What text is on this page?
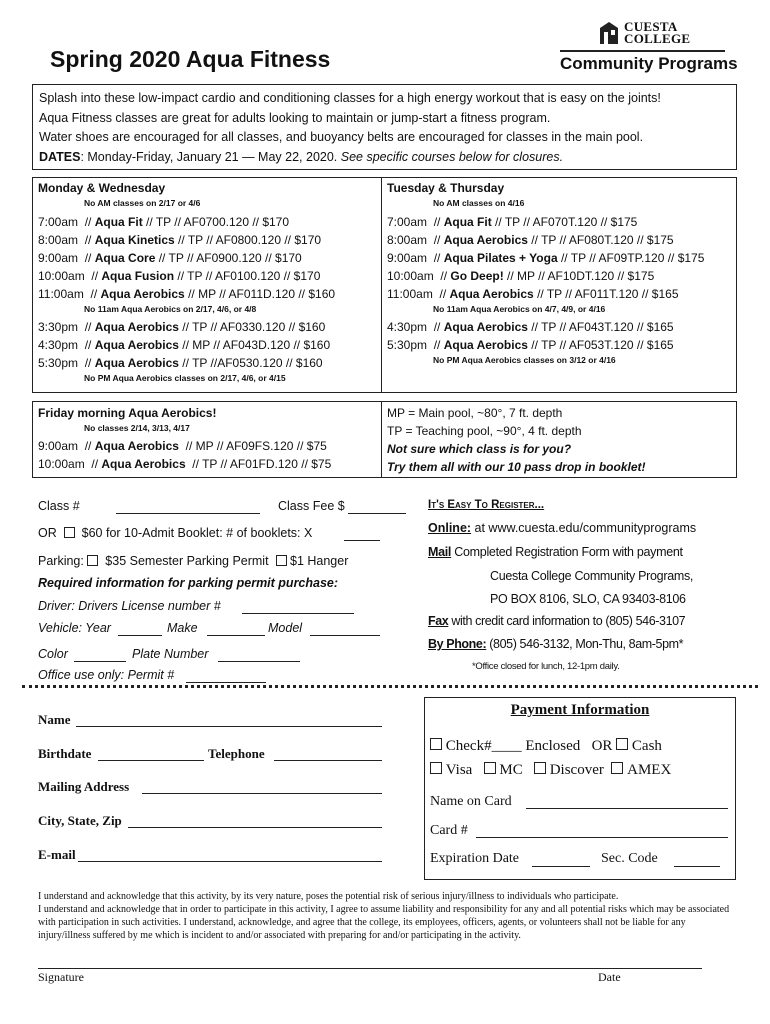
Spring 2020 Aqua Fitness
CUESTA
COLLEGE
Community Programs
Splash into these low-impact cardio and conditioning classes for a high energy workout that is easy on the joints!
Aqua Fitness classes are great for adults looking to maintain or jump-start a fitness program.
Water shoes are encouraged for all classes, and buoyancy belts are encouraged for classes in the main pool.
DATES: Monday-Friday, January 21 — May 22, 2020. See specific courses below for closures.
Monday & Wednesday
No AM classes on 2/17 or 4/6
7:00am  // Aqua Fit // TP // AF0700.120 // $170
8:00am  // Aqua Kinetics // TP // AF0800.120 // $170
9:00am  // Aqua Core // TP // AF0900.120 // $170
10:00am  // Aqua Fusion // TP // AF0100.120 // $170
11:00am  // Aqua Aerobics // MP // AF011D.120 // $160
No 11am Aqua Aerobics on 2/17, 4/6, or 4/8
3:30pm  // Aqua Aerobics // TP // AF0330.120 // $160
4:30pm  // Aqua Aerobics // MP // AF043D.120 // $160
5:30pm  // Aqua Aerobics // TP //AF0530.120 // $160
No PM Aqua Aerobics classes on 2/17, 4/6, or 4/15
Tuesday & Thursday
No AM classes on 4/16
7:00am  // Aqua Fit // TP // AF070T.120 // $175
8:00am  // Aqua Aerobics // TP // AF080T.120 // $175
9:00am  // Aqua Pilates + Yoga // TP // AF09TP.120 // $175
10:00am  // Go Deep! // MP // AF10DT.120 // $175
11:00am  // Aqua Aerobics // TP // AF011T.120 // $165
No 11am Aqua Aerobics on 4/7, 4/9, or 4/16
4:30pm  // Aqua Aerobics // TP // AF043T.120 // $165
5:30pm  // Aqua Aerobics // TP // AF053T.120 // $165
No PM Aqua Aerobics classes on 3/12 or 4/16
Friday morning Aqua Aerobics!
No classes 2/14, 3/13, 4/17
9:00am  // Aqua Aerobics  // MP // AF09FS.120 // $75
10:00am  // Aqua Aerobics  // TP // AF01FD.120 // $75
MP = Main pool, ~80°, 7 ft. depth
TP = Teaching pool, ~90°, 4 ft. depth
Not sure which class is for you?
Try them all with our 10 pass drop in booklet!
Class #	Class Fee $
OR $60 for 10-Admit Booklet: # of booklets: X
Parking: $35 Semester Parking Permit $1 Hanger
Required information for parking permit purchase:
Driver: Drivers License number #
Vehicle: Year	Make	Model
Color	Plate Number
Office use only: Permit #
It's Easy To Register...
Online: at www.cuesta.edu/communityprograms
Mail Completed Registration Form with payment
Cuesta College Community Programs,
PO BOX 8106, SLO, CA 93403-8106
Fax with credit card information to (805) 546-3107
By Phone: (805) 546-3132, Mon-Thu, 8am-5pm*
*Office closed for lunch, 12-1pm daily.
Name
Birthdate	Telephone
Mailing Address
City, State, Zip
E-mail
Payment Information
Check#____ Enclosed OR Cash
Visa MC Discover AMEX
Name on Card
Card #
Expiration Date	Sec. Code
I understand and acknowledge that this activity, by its very nature, poses the potential risk of serious injury/illness to individuals who participate.
I understand and acknowledge that in order to participate in this activity, I agree to assume liability and responsibility for any and all potential risks which may be associated with participation in such activities. I understand, acknowledge, and agree that the college, its employees, officers, agents, or volunteers shall not be liable for any injury/illness suffered by me which is incident to and/or associated with preparing for and/or participating in the activity.
Signature	Date
